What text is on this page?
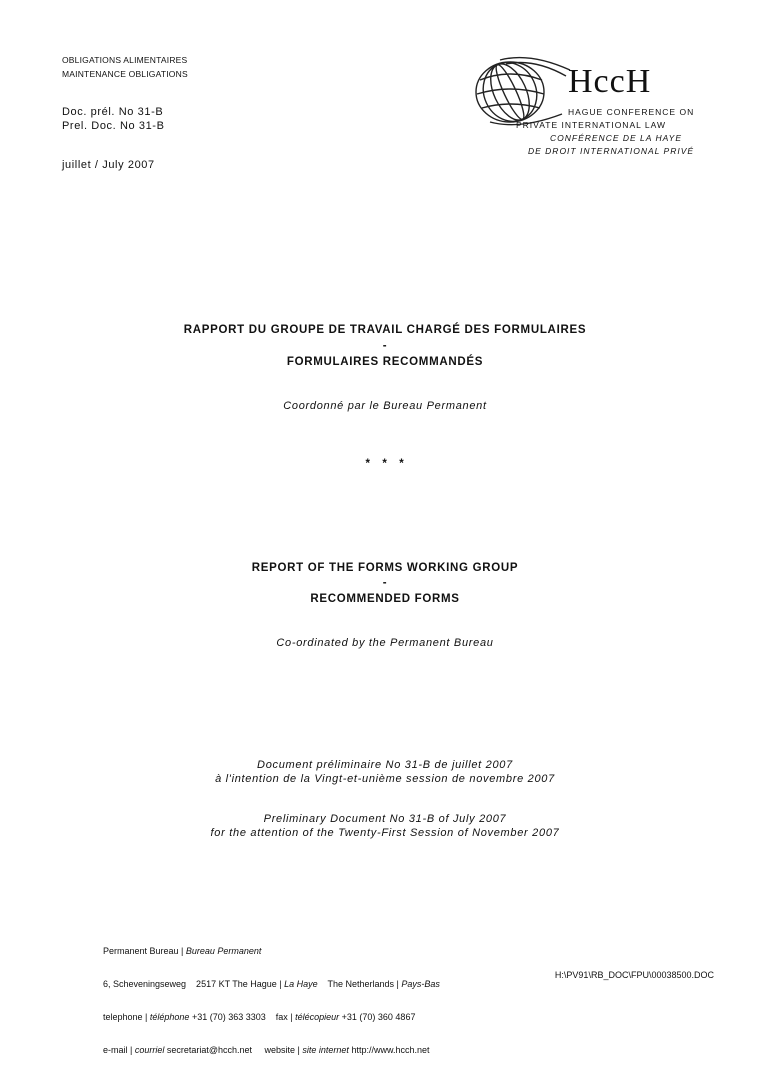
OBLIGATIONS ALIMENTAIRES
MAINTENANCE OBLIGATIONS
Doc. prél. No 31-B
Prel. Doc. No 31-B
juillet / July 2007
HccH
HAGUE CONFERENCE ON
PRIVATE INTERNATIONAL LAW
CONFÉRENCE DE LA HAYE
DE DROIT INTERNATIONAL PRIVÉ
RAPPORT DU GROUPE DE TRAVAIL CHARGÉ DES FORMULAIRES
-
FORMULAIRES RECOMMANDÉS
Coordonné par le Bureau Permanent
*   *   *
REPORT OF THE FORMS WORKING GROUP
-
RECOMMENDED FORMS
Co-ordinated by the Permanent Bureau
Document préliminaire No 31-B de juillet 2007
à l'intention de la Vingt-et-unième session de novembre 2007
Preliminary Document No 31-B of July 2007
for the attention of the Twenty-First Session of November 2007

Permanent Bureau | Bureau Permanent

6, Scheveningseweg    2517 KT The Hague | La Haye    The Netherlands | Pays-Bas

telephone | téléphone +31 (70) 363 3303    fax | télécopieur +31 (70) 360 4867

e-mail | courriel secretariat@hcch.net     website | site internet http://www.hcch.net

H:\PV91\RB_DOC\FPU\00038500.DOC
